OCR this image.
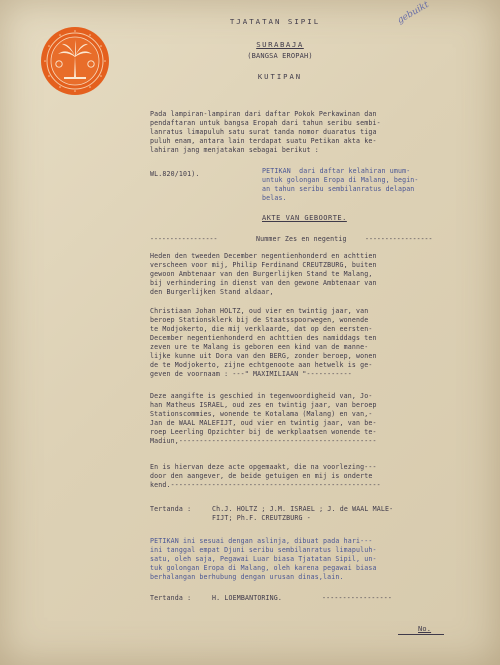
gebuikt
TJATATAN SIPIL
SURABAJA
(BANGSA EROPAH)
KUTIPAN
Pada lampiran-lampiran dari daftar Pokok Perkawinan dan
pendaftaran untuk bangsa Eropah dari tahun seribu sembi-
lanratus limapuluh satu surat tanda nomor duaratus tiga
puluh enam, antara lain terdapat suatu Petikan akta ke-
lahiran jang menjatakan sebagai berikut :
WL.820/101).	PETIKAN  dari daftar kelahiran umum-
untuk golongan Eropa di Malang, begin-
an tahun seribu sembilanratus delapan
belas.
AKTE VAN GEBOORTE.
-----------------	Nummer Zes en negentig	-----------------
Heden den tweeden December negentienhonderd en achttien
verscheen voor mij, Philip Ferdinand CREUTZBURG, buiten
gewoon Ambtenaar van den Burgerlijken Stand te Malang,
bij verhindering in dienst van den gewone Ambtenaar van
den Burgerlijken Stand aldaar,
Christiaan Johan HOLTZ, oud vier en twintig jaar, van
beroep Stationsklerk bij de Staatsspoorwegen, wonende
te Modjokerto, die mij verklaarde, dat op den eersten-
December negentienhonderd en achttien des namiddags ten
zeven ure te Malang is geboren een kind van de manne-
lijke kunne uit Dora van den BERG, zonder beroep, wonen
de te Modjokerto, zijne echtgenoote aan hetwelk is ge-
geven de voornaam : ---" MAXIMILIAAN "-----------
Deze aangifte is geschied in tegenwoordigheid van, Jo-
han Matheus ISRAEL, oud zes en twintig jaar, van beroep
Stationscommies, wonende te Kotalama (Malang) en van,-
Jan de WAAL MALEFIJT, oud vier en twintig jaar, van be-
roep Leerling Opzichter bij de werkplaatsen wonende te-
Madiun,------------------------------------------------
En is hiervan deze acte opgemaakt, die na voorlezing---
door den aangever, de beide getuigen en mij is onderte
kend.---------------------------------------------------
Tertanda :	Ch.J. HOLTZ ; J.M. ISRAEL ; J. de WAAL MALE-
FIJT; Ph.F. CREUTZBURG -
PETIKAN ini sesuai dengan aslinja, dibuat pada hari---
ini tanggal empat Djuni seribu sembilanratus limapuluh-
satu, oleh saja, Pegawai Luar biasa Tjatatan Sipil, un-
tuk golongan Eropa di Malang, oleh karena pegawai biasa
berhalangan berhubung dengan urusan dinas,lain.
Tertanda :	H. LOEMBANTORING.	-----------------
No.
